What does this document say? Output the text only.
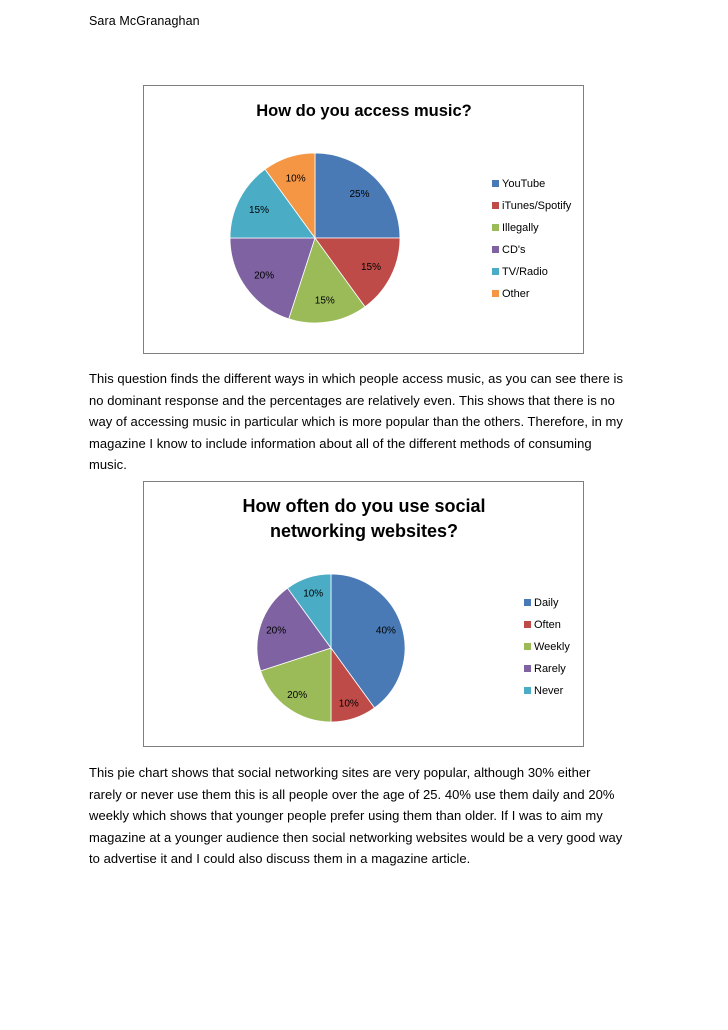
Sara McGranaghan
How do you access music?
25%
15%
15%
20%
15%
10%	YouTube
iTunes/Spotify
Illegally
CD's
TV/Radio
Other
This question finds the different ways in which people access music, as you can see there is
no dominant response and the percentages are relatively even. This shows that there is no
way of accessing music in particular which is more popular than the others. Therefore, in my
magazine I know to include information about all of the different methods of consuming
music.
How often do you use social
networking websites?
40%
10%
20%
20%
10%
Daily
Often
Weekly
Rarely
Never
This pie chart shows that social networking sites are very popular, although 30% either
rarely or never use them this is all people over the age of 25. 40% use them daily and 20%
weekly which shows that younger people prefer using them than older. If I was to aim my
magazine at a younger audience then social networking websites would be a very good way
to advertise it and I could also discuss them in a magazine article.
